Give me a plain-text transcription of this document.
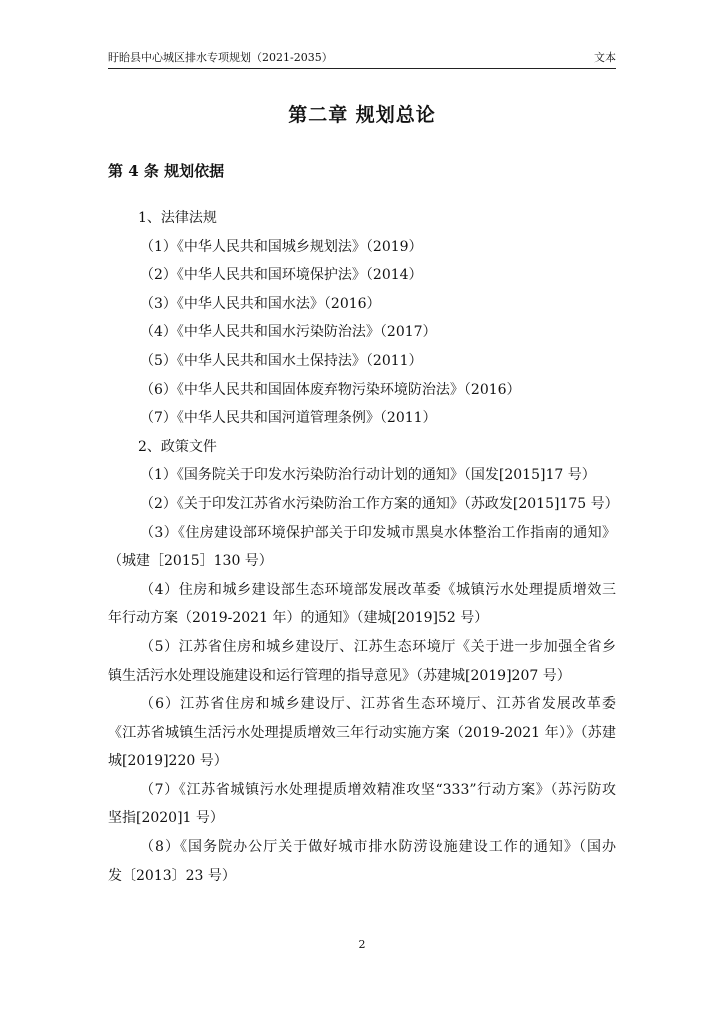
盱眙县中心城区排水专项规划（2021-2035）	文本
第二章 规划总论
第 4 条 规划依据
1、法律法规
（1）《中华人民共和国城乡规划法》（2019）
（2）《中华人民共和国环境保护法》（2014）
（3）《中华人民共和国水法》（2016）
（4）《中华人民共和国水污染防治法》（2017）
（5）《中华人民共和国水土保持法》（2011）
（6）《中华人民共和国固体废弃物污染环境防治法》（2016）
（7）《中华人民共和国河道管理条例》（2011）
2、政策文件
（1）《国务院关于印发水污染防治行动计划的通知》（国发[2015]17 号）
（2）《关于印发江苏省水污染防治工作方案的通知》（苏政发[2015]175 号）
（3）《住房建设部环境保护部关于印发城市黑臭水体整治工作指南的通知》
（城建［2015］130 号）
（4）住房和城乡建设部生态环境部发展改革委《城镇污水处理提质增效三
年行动方案（2019-2021 年）的通知》（建城[2019]52 号）
（5）江苏省住房和城乡建设厅、江苏生态环境厅《关于进一步加强全省乡
镇生活污水处理设施建设和运行管理的指导意见》（苏建城[2019]207 号）
（6）江苏省住房和城乡建设厅、江苏省生态环境厅、江苏省发展改革委
《江苏省城镇生活污水处理提质增效三年行动实施方案（2019-2021 年）》（苏建
城[2019]220 号）
（7）《江苏省城镇污水处理提质增效精准攻坚“333”行动方案》（苏污防攻
坚指[2020]1 号）
（8）《国务院办公厅关于做好城市排水防涝设施建设工作的通知》（国办
发〔2013〕23 号）
2
